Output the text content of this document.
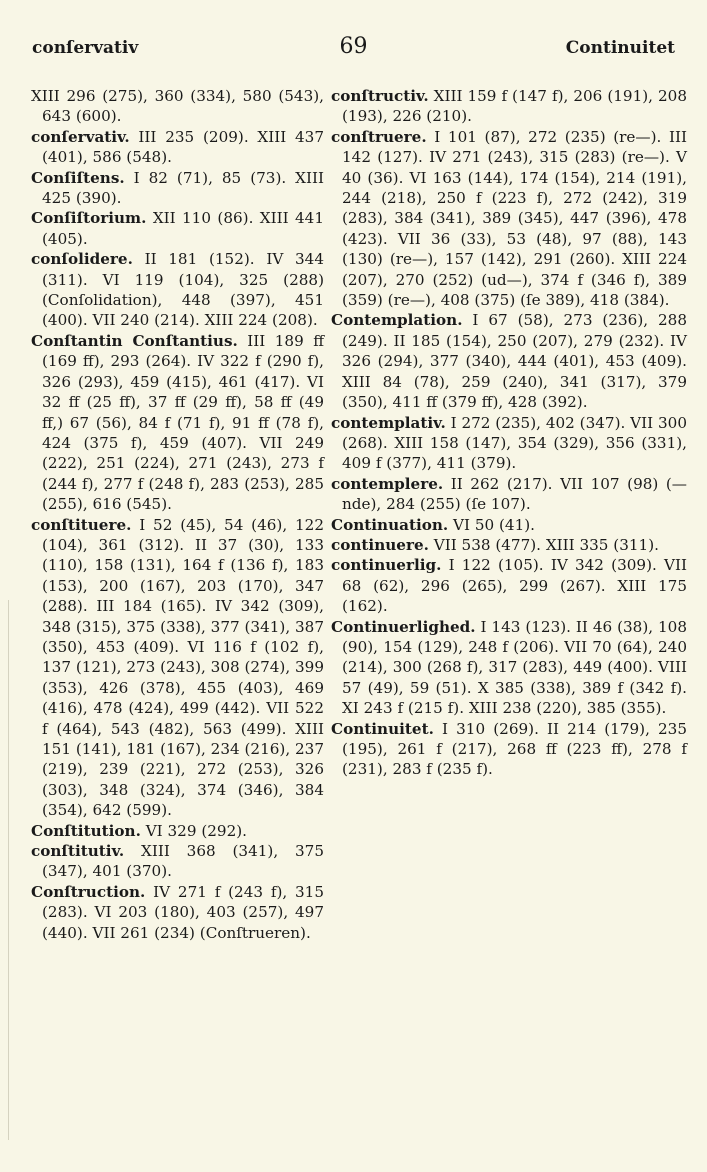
conſervativ	69	Continuitet

XIII 296 (275), 360 (334), 580 (543), 643 (600).

conſervativ. III 235 (209). XIII 437 (401), 586 (548).

Conſiſtens. I 82 (71), 85 (73). XIII 425 (390).

Conſiſtorium. XII 110 (86). XIII 441 (405).

conſolidere. II 181 (152). IV 344 (311). VI 119 (104), 325 (288) (Conſolidation), 448 (397), 451 (400). VII 240 (214). XIII 224 (208).

Conſtantin Conſtantius. III 189 ff (169 ff), 293 (264). IV 322 f (290 f), 326 (293), 459 (415), 461 (417). VI 32 ff (25 ff), 37 ff (29 ff), 58 ff (49 ff,) 67 (56), 84 f (71 f), 91 ff (78 f), 424 (375 f), 459 (407). VII 249 (222), 251 (224), 271 (243), 273 f (244 f), 277 f (248 f), 283 (253), 285 (255), 616 (545).

conſtituere. I 52 (45), 54 (46), 122 (104), 361 (312). II 37 (30), 133 (110), 158 (131), 164 f (136 f), 183 (153), 200 (167), 203 (170), 347 (288). III 184 (165). IV 342 (309), 348 (315), 375 (338), 377 (341), 387 (350), 453 (409). VI 116 f (102 f), 137 (121), 273 (243), 308 (274), 399 (353), 426 (378), 455 (403), 469 (416), 478 (424), 499 (442). VII 522 f (464), 543 (482), 563 (499). XIII 151 (141), 181 (167), 234 (216), 237 (219), 239 (221), 272 (253), 326 (303), 348 (324), 374 (346), 384 (354), 642 (599).

Conſtitution. VI 329 (292).

conſtitutiv. XIII 368 (341), 375 (347), 401 (370).

Conſtruction. IV 271 f (243 f), 315 (283). VI 203 (180), 403 (257), 497 (440). VII 261 (234) (Conſtrueren).

conſtructiv. XIII 159 f (147 f), 206 (191), 208 (193), 226 (210).

conſtruere. I 101 (87), 272 (235) (re—). III 142 (127). IV 271 (243), 315 (283) (re—). V 40 (36). VI 163 (144), 174 (154), 214 (191), 244 (218), 250 f (223 f), 272 (242), 319 (283), 384 (341), 389 (345), 447 (396), 478 (423). VII 36 (33), 53 (48), 97 (88), 143 (130) (re—), 157 (142), 291 (260). XIII 224 (207), 270 (252) (ud—), 374 f (346 f), 389 (359) (re—), 408 (375) (ſe 389), 418 (384).

Contemplation. I 67 (58), 273 (236), 288 (249). II 185 (154), 250 (207), 279 (232). IV 326 (294), 377 (340), 444 (401), 453 (409). XIII 84 (78), 259 (240), 341 (317), 379 (350), 411 ff (379 ff), 428 (392).

contemplativ. I 272 (235), 402 (347). VII 300 (268). XIII 158 (147), 354 (329), 356 (331), 409 f (377), 411 (379).

contemplere. II 262 (217). VII 107 (98) (—nde), 284 (255) (ſe 107).

Continuation. VI 50 (41).

continuere. VII 538 (477). XIII 335 (311).

continuerlig. I 122 (105). IV 342 (309). VII 68 (62), 296 (265), 299 (267). XIII 175 (162).

Continuerlighed. I 143 (123). II 46 (38), 108 (90), 154 (129), 248 f (206). VII 70 (64), 240 (214), 300 (268 f), 317 (283), 449 (400). VIII 57 (49), 59 (51). X 385 (338), 389 f (342 f). XI 243 f (215 f). XIII 238 (220), 385 (355).

Continuitet. I 310 (269). II 214 (179), 235 (195), 261 f (217), 268 ff (223 ff), 278 f (231), 283 f (235 f).
